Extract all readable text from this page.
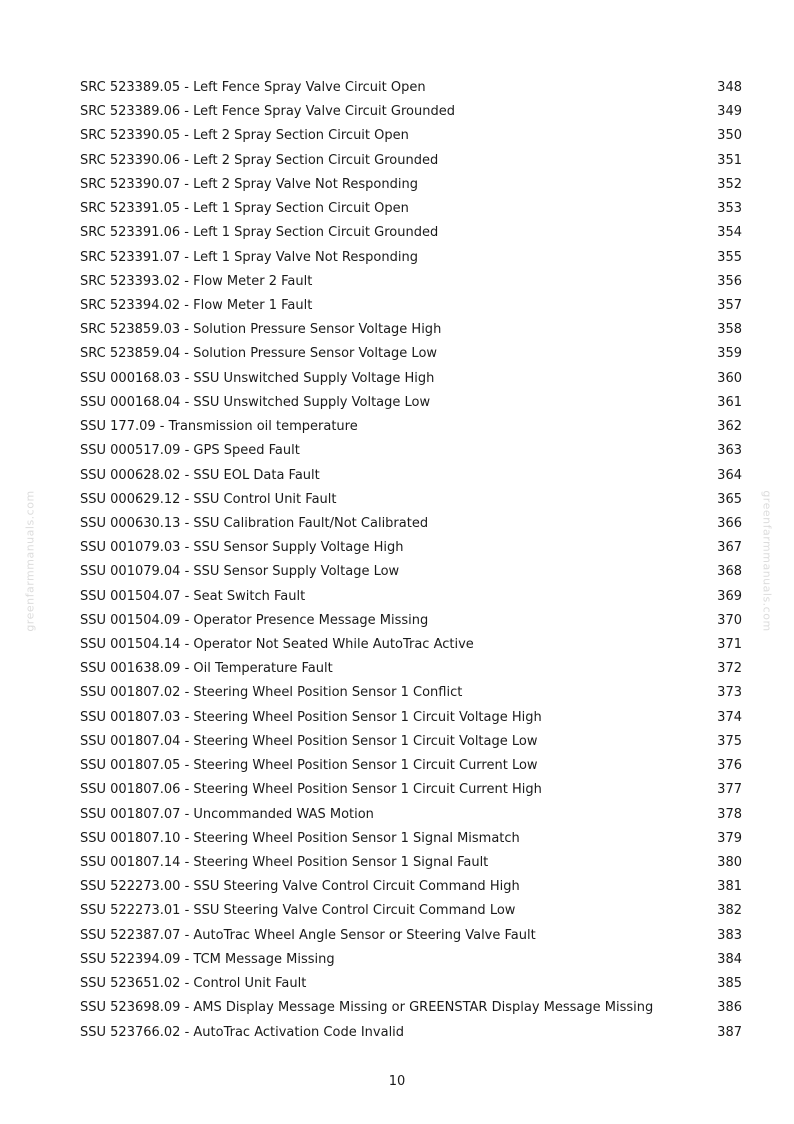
greenfarmmanuals.com	greenfarmmanuals.com
SRC 523389.05 - Left Fence Spray Valve Circuit Open	348
SRC 523389.06 - Left Fence Spray Valve Circuit Grounded	349
SRC 523390.05 - Left 2 Spray Section Circuit Open	350
SRC 523390.06 - Left 2 Spray Section Circuit Grounded	351
SRC 523390.07 - Left 2 Spray Valve Not Responding	352
SRC 523391.05 - Left 1 Spray Section Circuit Open	353
SRC 523391.06 - Left 1 Spray Section Circuit Grounded	354
SRC 523391.07 - Left 1 Spray Valve Not Responding	355
SRC 523393.02 - Flow Meter 2 Fault	356
SRC 523394.02 - Flow Meter 1 Fault	357
SRC 523859.03 - Solution Pressure Sensor Voltage High	358
SRC 523859.04 - Solution Pressure Sensor Voltage Low	359
SSU 000168.03 - SSU Unswitched Supply Voltage High	360
SSU 000168.04 - SSU Unswitched Supply Voltage Low	361
SSU 177.09 - Transmission oil temperature	362
SSU 000517.09 - GPS Speed Fault	363
SSU 000628.02 - SSU EOL Data Fault	364
SSU 000629.12 - SSU Control Unit Fault	365
SSU 000630.13 - SSU Calibration Fault/Not Calibrated	366
SSU 001079.03 - SSU Sensor Supply Voltage High	367
SSU 001079.04 - SSU Sensor Supply Voltage Low	368
SSU 001504.07 - Seat Switch Fault	369
SSU 001504.09 - Operator Presence Message Missing	370
SSU 001504.14 - Operator Not Seated While AutoTrac Active	371
SSU 001638.09 - Oil Temperature Fault	372
SSU 001807.02 - Steering Wheel Position Sensor 1 Conflict	373
SSU 001807.03 - Steering Wheel Position Sensor 1 Circuit Voltage High	374
SSU 001807.04 - Steering Wheel Position Sensor 1 Circuit Voltage Low	375
SSU 001807.05 - Steering Wheel Position Sensor 1 Circuit Current Low	376
SSU 001807.06 - Steering Wheel Position Sensor 1 Circuit Current High	377
SSU 001807.07 - Uncommanded WAS Motion	378
SSU 001807.10 - Steering Wheel Position Sensor 1 Signal Mismatch	379
SSU 001807.14 - Steering Wheel Position Sensor 1 Signal Fault	380
SSU 522273.00 - SSU Steering Valve Control Circuit Command High	381
SSU 522273.01 - SSU Steering Valve Control Circuit Command Low	382
SSU 522387.07 - AutoTrac Wheel Angle Sensor or Steering Valve Fault	383
SSU 522394.09 - TCM Message Missing	384
SSU 523651.02 - Control Unit Fault	385
SSU 523698.09 - AMS Display Message Missing or GREENSTAR Display Message Missing	386
SSU 523766.02 - AutoTrac Activation Code Invalid	387
10
